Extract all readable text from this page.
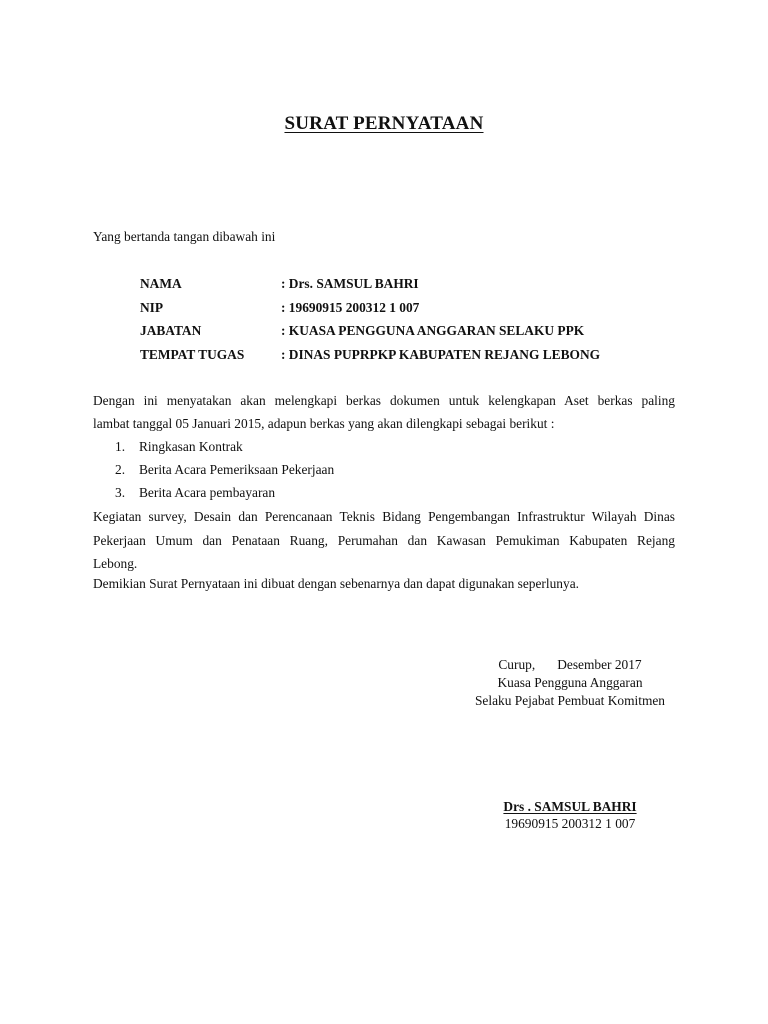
SURAT PERNYATAAN
Yang bertanda tangan dibawah ini
NAMA	: Drs. SAMSUL BAHRI
NIP	: 19690915 200312 1 007
JABATAN	: KUASA PENGGUNA ANGGARAN SELAKU PPK
TEMPAT TUGAS	: DINAS PUPRPKP KABUPATEN REJANG LEBONG
Dengan ini menyatakan akan melengkapi berkas dokumen untuk kelengkapan Aset berkas paling
lambat tanggal 05 Januari 2015, adapun berkas yang akan dilengkapi sebagai berikut :
1.	Ringkasan Kontrak
2.	Berita Acara Pemeriksaan Pekerjaan
3.	Berita Acara pembayaran
Kegiatan survey, Desain dan Perencanaan Teknis Bidang Pengembangan Infrastruktur Wilayah Dinas
Pekerjaan Umum dan Penataan Ruang, Perumahan dan Kawasan Pemukiman Kabupaten Rejang
Lebong.
Demikian Surat Pernyataan ini dibuat dengan sebenarnya dan dapat digunakan seperlunya.
Curup, Desember 2017
Kuasa Pengguna Anggaran
Selaku Pejabat Pembuat Komitmen
Drs . SAMSUL BAHRI
19690915 200312 1 007
